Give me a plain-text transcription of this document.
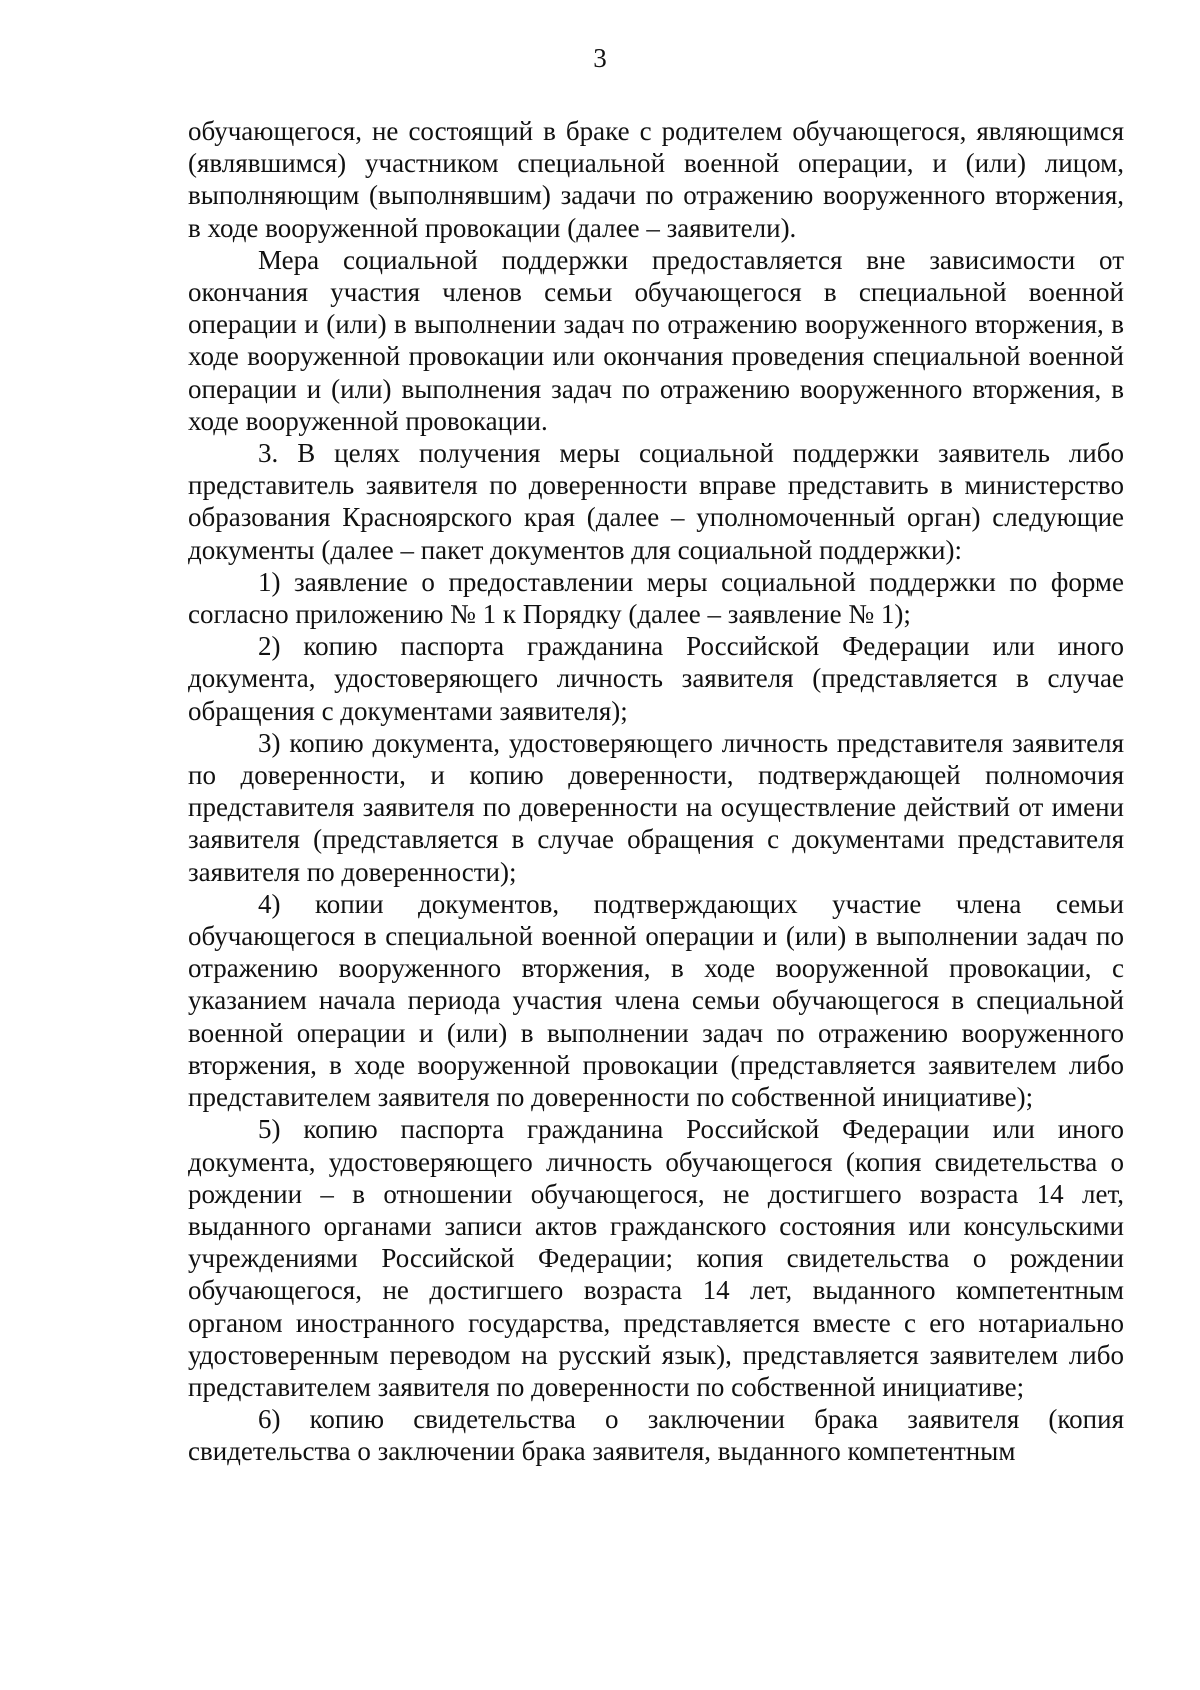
3

обучающегося, не состоящий в браке с родителем обучающегося, являющимся (являвшимся) участником специальной военной операции, и (или) лицом, выполняющим (выполнявшим) задачи по отражению вооруженного вторжения, в ходе вооруженной провокации (далее – заявители).

Мера социальной поддержки предоставляется вне зависимости от окончания участия членов семьи обучающегося в специальной военной операции и (или) в выполнении задач по отражению вооруженного вторжения, в ходе вооруженной провокации или окончания проведения специальной военной операции и (или) выполнения задач по отражению вооруженного вторжения, в ходе вооруженной провокации.

3. В целях получения меры социальной поддержки заявитель либо представитель заявителя по доверенности вправе представить в министерство образования Красноярского края (далее – уполномоченный орган) следующие документы (далее – пакет документов для социальной поддержки):

1) заявление о предоставлении меры социальной поддержки по форме согласно приложению № 1 к Порядку (далее – заявление № 1);

2) копию паспорта гражданина Российской Федерации или иного документа, удостоверяющего личность заявителя (представляется в случае обращения с документами заявителя);

3) копию документа, удостоверяющего личность представителя заявителя по доверенности, и копию доверенности, подтверждающей полномочия представителя заявителя по доверенности на осуществление действий от имени заявителя (представляется в случае обращения с документами представителя заявителя по доверенности);

4) копии документов, подтверждающих участие члена семьи обучающегося в специальной военной операции и (или) в выполнении задач по отражению вооруженного вторжения, в ходе вооруженной провокации, с указанием начала периода участия члена семьи обучающегося в специальной военной операции и (или) в выполнении задач по отражению вооруженного вторжения, в ходе вооруженной провокации (представляется заявителем либо представителем заявителя по доверенности по собственной инициативе);

5) копию паспорта гражданина Российской Федерации или иного документа, удостоверяющего личность обучающегося (копия свидетельства о рождении – в отношении обучающегося, не достигшего возраста 14 лет, выданного органами записи актов гражданского состояния или консульскими учреждениями Российской Федерации; копия свидетельства о рождении обучающегося, не достигшего возраста 14 лет, выданного компетентным органом иностранного государства, представляется вместе с его нотариально удостоверенным переводом на русский язык), представляется заявителем либо представителем заявителя по доверенности по собственной инициативе;

6) копию свидетельства о заключении брака заявителя (копия свидетельства о заключении брака заявителя, выданного компетентным
